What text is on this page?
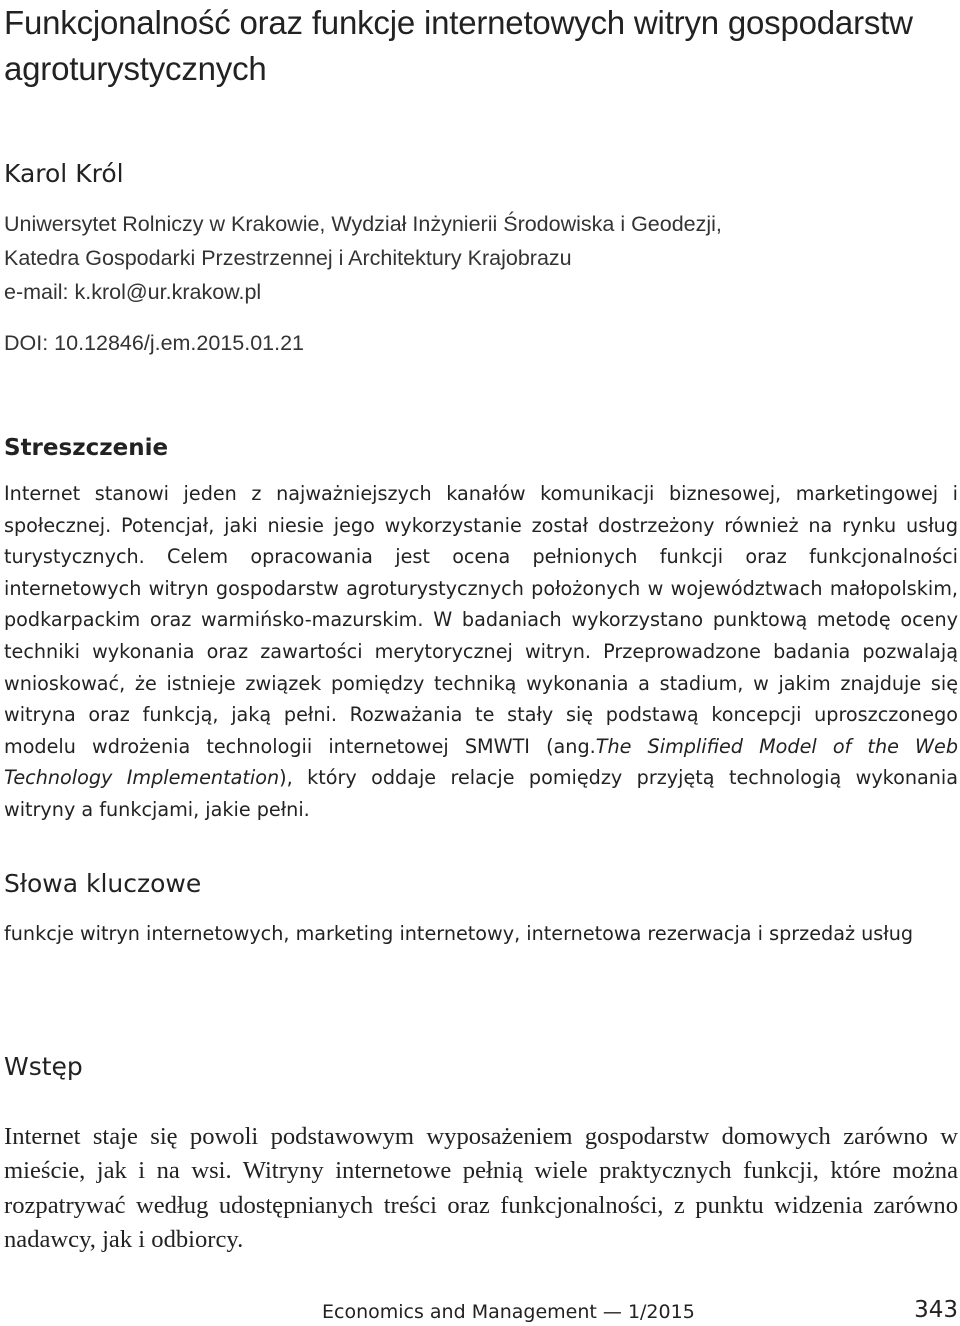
Funkcjonalność oraz funkcje internetowych witryn gospodarstw agroturystycznych
Karol Król
Uniwersytet Rolniczy w Krakowie, Wydział Inżynierii Środowiska i Geodezji,
Katedra Gospodarki Przestrzennej i Architektury Krajobrazu
e-mail: k.krol@ur.krakow.pl
DOI: 10.12846/j.em.2015.01.21
Streszczenie

Internet stanowi jeden z najważniejszych kanałów komunikacji biznesowej, marketingowej i społecznej. Potencjał, jaki niesie jego wykorzystanie został dostrzeżony również na rynku usług turystycznych. Celem opracowania jest ocena pełnionych funkcji oraz funkcjonalności internetowych witryn gospodarstw agroturystycznych położonych w województwach małopolskim, podkarpackim oraz warmińsko-mazurskim. W badaniach wykorzystano punktową metodę oceny techniki wykonania oraz zawartości merytorycznej witryn. Przeprowadzone badania pozwalają wnioskować, że istnieje związek pomiędzy techniką wykonania a stadium, w jakim znajduje się witryna oraz funkcją, jaką pełni. Rozważania te stały się podstawą koncepcji uproszczonego modelu wdrożenia technologii internetowej SMWTI (ang.The Simplified Model of the Web Technology Implementation), który oddaje relacje pomiędzy przyjętą technologią wykonania witryny a funkcjami, jakie pełni.

Słowa kluczowe

funkcje witryn internetowych, marketing internetowy, internetowa rezerwacja i sprzedaż usług

Wstęp

Internet staje się powoli podstawowym wyposażeniem gospodarstw domowych zarówno w mieście, jak i na wsi. Witryny internetowe pełnią wiele praktycznych funkcji, które można rozpatrywać według udostępnianych treści oraz funkcjonalności, z punktu widzenia zarówno nadawcy, jak i odbiorcy.

Economics and Management — 1/2015	343
